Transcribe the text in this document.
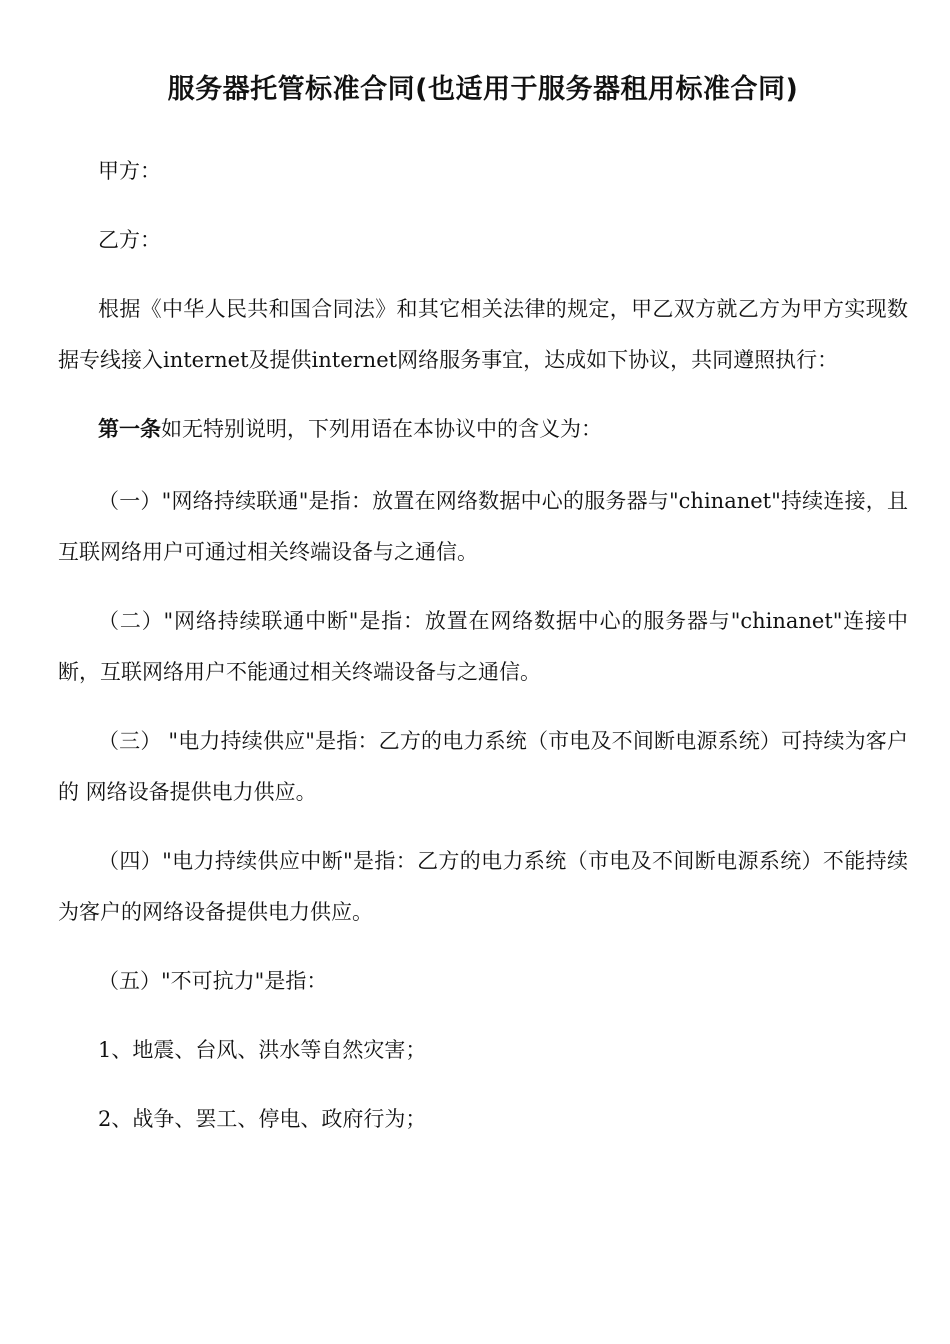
服务器托管标准合同(也适用于服务器租用标准合同)

甲方：

乙方：

根据《中华人民共和国合同法》和其它相关法律的规定，甲乙双方就乙方为甲方实现数据专线接入internet及提供internet网络服务事宜，达成如下协议，共同遵照执行：

第一条如无特别说明，下列用语在本协议中的含义为：

（一）"网络持续联通"是指：放置在网络数据中心的服务器与"chinanet"持续连接，且互联网络用户可通过相关终端设备与之通信。

（二）"网络持续联通中断"是指：放置在网络数据中心的服务器与"chinanet"连接中断，互联网络用户不能通过相关终端设备与之通信。

（三） "电力持续供应"是指：乙方的电力系统（市电及不间断电源系统）可持续为客户的 网络设备提供电力供应。

（四）"电力持续供应中断"是指：乙方的电力系统（市电及不间断电源系统）不能持续为客户的网络设备提供电力供应。

（五）"不可抗力"是指：

1、地震、台风、洪水等自然灾害；

2、战争、罢工、停电、政府行为；
